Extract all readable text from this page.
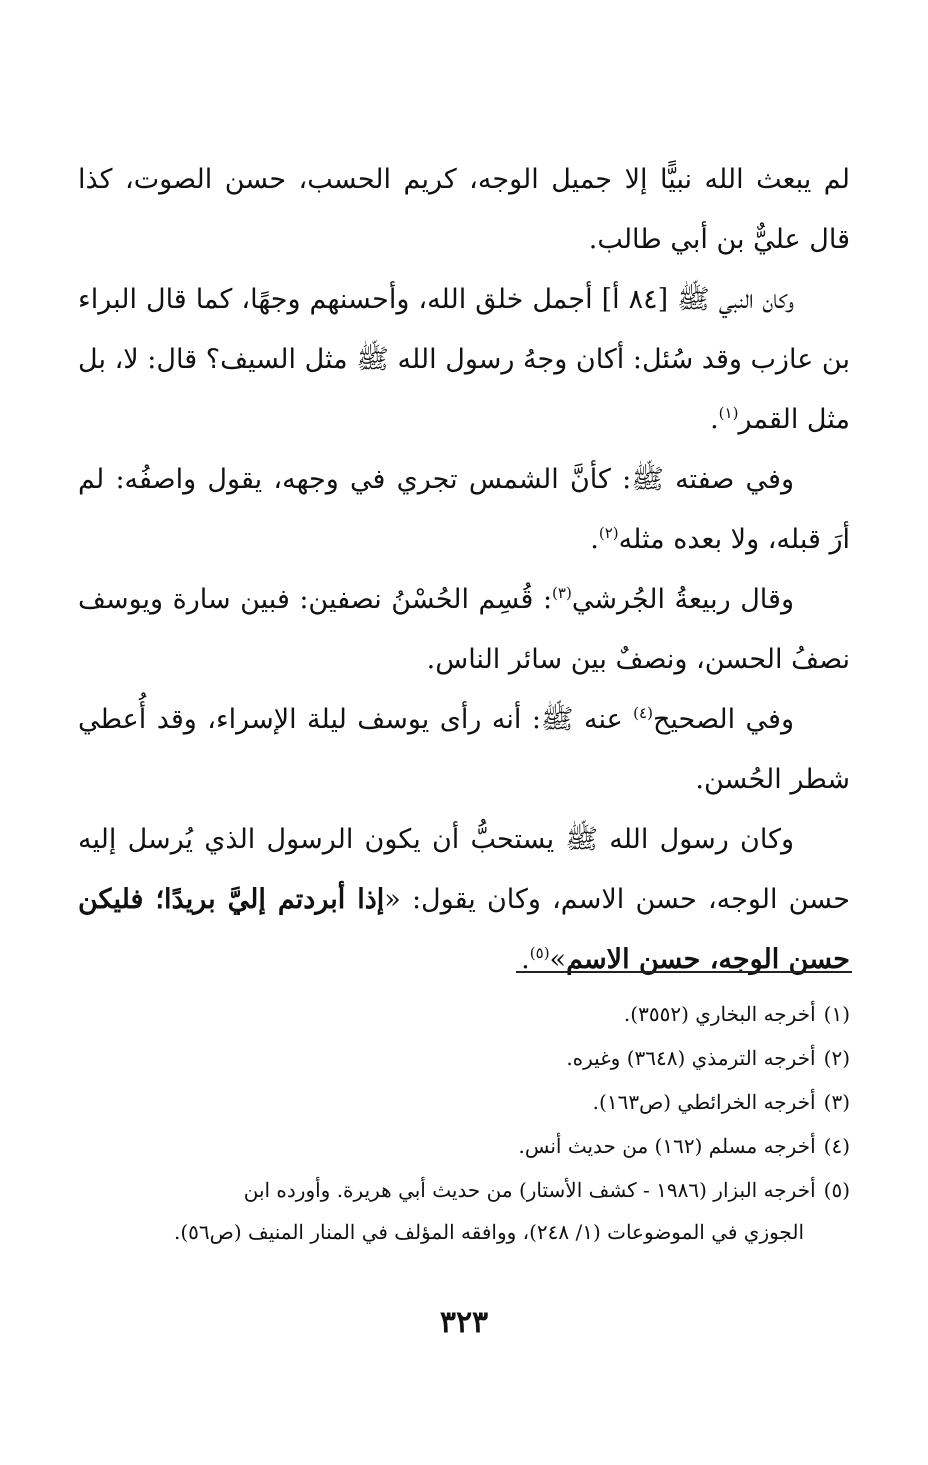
لم يبعث الله نبيًّا إلا جميل الوجه، كريم الحسب، حسن الصوت، كذا قال عليٌّ بن أبي طالب.

وكان النبي ﷺ [٨٤ أ] أجمل خلق الله، وأحسنهم وجهًا، كما قال البراء بن عازب وقد سُئل: أكان وجهُ رسول الله ﷺ مثل السيف؟ قال: لا، بل مثل القمر$^{(١)}$.

وفي صفته ﷺ: كأنَّ الشمس تجري في وجهه، يقول واصفُه: لم أرَ قبله، ولا بعده مثله$^{(٢)}$.

وقال ربيعةُ الجُرشي$^{(٣)}$: قُسِم الحُسْنُ نصفين: فبين سارة ويوسف نصفُ الحسن، ونصفٌ بين سائر الناس.

وفي الصحيح$^{(٤)}$ عنه ﷺ: أنه رأى يوسف ليلة الإسراء، وقد أُعطي شطر الحُسن.

وكان رسول الله ﷺ يستحبُّ أن يكون الرسول الذي يُرسل إليه حسن الوجه، حسن الاسم، وكان يقول: «إذا أبردتم إليَّ بريدًا؛ فليكن حسن الوجه، حسن الاسم»$^{(٥)}$.

(١)أخرجه البخاري (٣٥٥٢).

(٢)أخرجه الترمذي (٣٦٤٨) وغيره.

(٣)أخرجه الخرائطي (ص١٦٣).

(٤)أخرجه مسلم (١٦٢) من حديث أنس.

(٥)أخرجه البزار (١٩٨٦ - كشف الأستار) من حديث أبي هريرة. وأورده ابن

الجوزي في الموضوعات (١/ ٢٤٨)، ووافقه المؤلف في المنار المنيف (ص٥٦).

٣٢٣
